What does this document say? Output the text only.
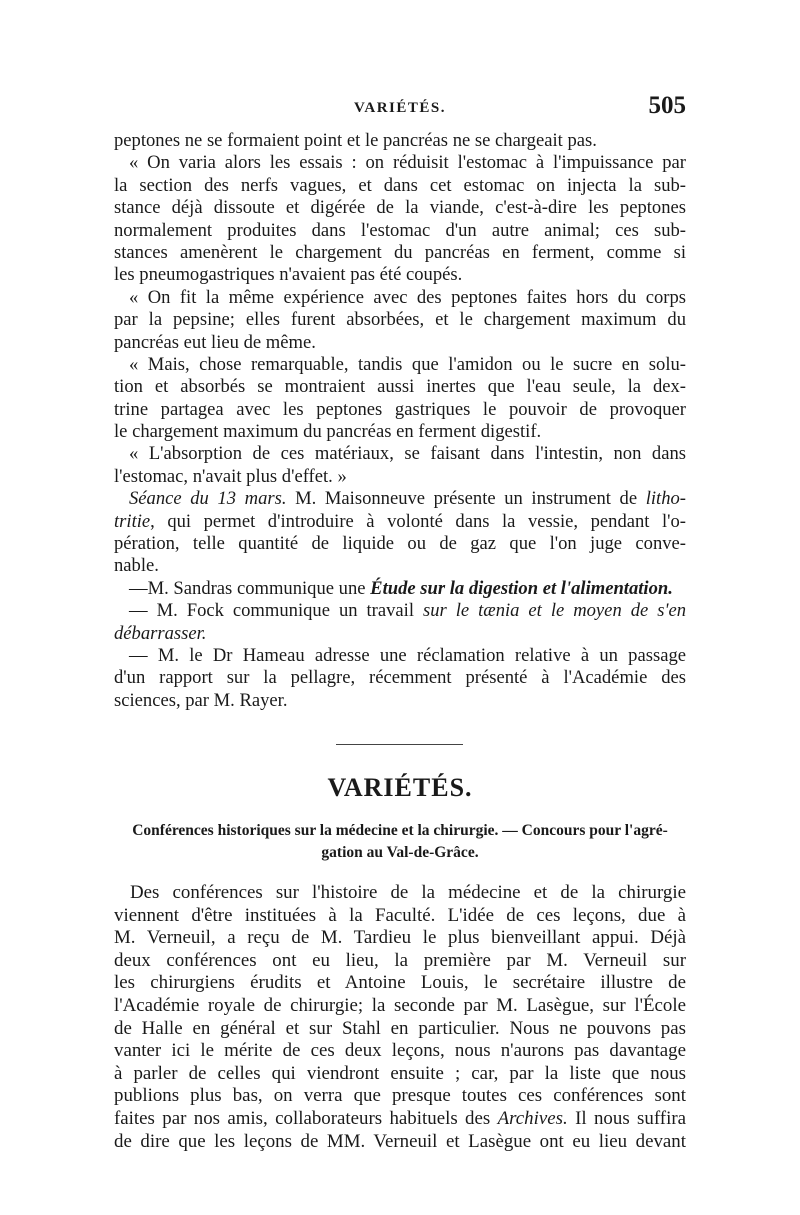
VARIÉTÉS.	505
peptones ne se formaient point et le pancréas ne se chargeait pas.
« On varia alors les essais : on réduisit l'estomac à l'impuissance par
la section des nerfs vagues, et dans cet estomac on injecta la sub-
stance déjà dissoute et digérée de la viande, c'est-à-dire les peptones
normalement produites dans l'estomac d'un autre animal; ces sub-
stances amenèrent le chargement du pancréas en ferment, comme si
les pneumogastriques n'avaient pas été coupés.
« On fit la même expérience avec des peptones faites hors du corps
par la pepsine; elles furent absorbées, et le chargement maximum du
pancréas eut lieu de même.
« Mais, chose remarquable, tandis que l'amidon ou le sucre en solu-
tion et absorbés se montraient aussi inertes que l'eau seule, la dex-
trine partagea avec les peptones gastriques le pouvoir de provoquer
le chargement maximum du pancréas en ferment digestif.
« L'absorption de ces matériaux, se faisant dans l'intestin, non dans
l'estomac, n'avait plus d'effet. »
Séance du 13 mars. M. Maisonneuve présente un instrument de litho-
tritie, qui permet d'introduire à volonté dans la vessie, pendant l'o-
pération, telle quantité de liquide ou de gaz que l'on juge conve-
nable.
—M. Sandras communique une Étude sur la digestion et l'alimentation.
— M. Fock communique un travail sur le tænia et le moyen de s'en
débarrasser.
— M. le Dr Hameau adresse une réclamation relative à un passage
d'un rapport sur la pellagre, récemment présenté à l'Académie des
sciences, par M. Rayer.
VARIÉTÉS.
Conférences historiques sur la médecine et la chirurgie. — Concours pour l'agré-
gation au Val-de-Grâce.
Des conférences sur l'histoire de la médecine et de la chirurgie
viennent d'être instituées à la Faculté. L'idée de ces leçons, due à
M. Verneuil, a reçu de M. Tardieu le plus bienveillant appui. Déjà
deux conférences ont eu lieu, la première par M. Verneuil sur
les chirurgiens érudits et Antoine Louis, le secrétaire illustre de
l'Académie royale de chirurgie; la seconde par M. Lasègue, sur l'École
de Halle en général et sur Stahl en particulier. Nous ne pouvons pas
vanter ici le mérite de ces deux leçons, nous n'aurons pas davantage
à parler de celles qui viendront ensuite ; car, par la liste que nous
publions plus bas, on verra que presque toutes ces conférences sont
faites par nos amis, collaborateurs habituels des Archives. Il nous suffira
de dire que les leçons de MM. Verneuil et Lasègue ont eu lieu devant
